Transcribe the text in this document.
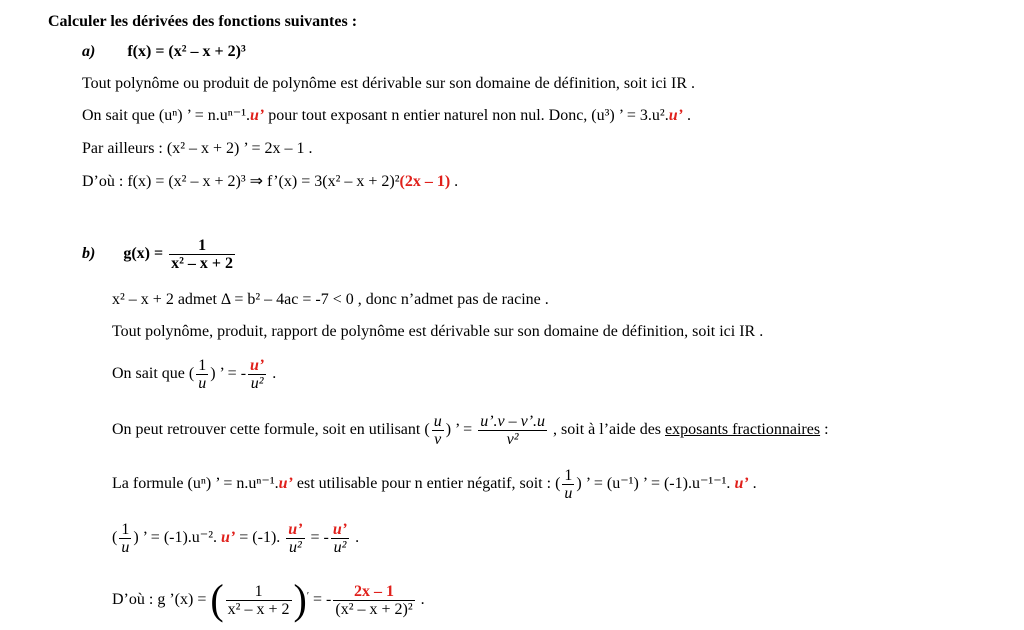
Calculer les dérivées des fonctions suivantes :
a) f(x) = (x² – x + 2)³
Tout polynôme ou produit de polynôme est dérivable sur son domaine de définition, soit ici IR .
On sait que (uⁿ) ’ = n.uⁿ⁻¹.u’ pour tout exposant n entier naturel non nul. Donc, (u³) ’ = 3.u².u’ .
Par ailleurs : (x² – x + 2) ’ = 2x – 1 .
D’où : f(x) = (x² – x + 2)³ ⇒ f’(x) = 3(x² – x + 2)²(2x – 1) .
b) $g(x) = \frac{1}{\text{x² – x + 2}}$
x² – x + 2 admet Δ = b² – 4ac = -7 < 0 , donc n’admet pas de racine .
Tout polynôme, produit, rapport de polynôme est dérivable sur son domaine de définition, soit ici IR .
On sait que ( $\frac{1}{u}$ ) ’ = - $\frac{u’}{\text{u²}}$ .
On peut retrouver cette formule, soit en utilisant ( $\frac{u}{v}$ ) ’ = $\frac{u’.v - v’.u}{\text{v²}}$ , soit à l’aide des exposants fractionnaires :
La formule (uⁿ) ’ = n.uⁿ⁻¹.u’ est utilisable pour n entier négatif, soit : ( $\frac{1}{u}$ ) ’ = (u⁻¹) ’ = (-1).u⁻¹⁻¹. u’ .
( $\frac{1}{u}$ ) ’ = (-1).u⁻². u’ = (-1). $\frac{u’}{\text{u²}}$ = - $\frac{u’}{\text{u²}}$ .
D’où : g ’(x) = ( $\frac{1}{\text{x² – x + 2}} )'$ = - $\frac{2x - 1}{\text{(x² – x + 2)²}}$ .
